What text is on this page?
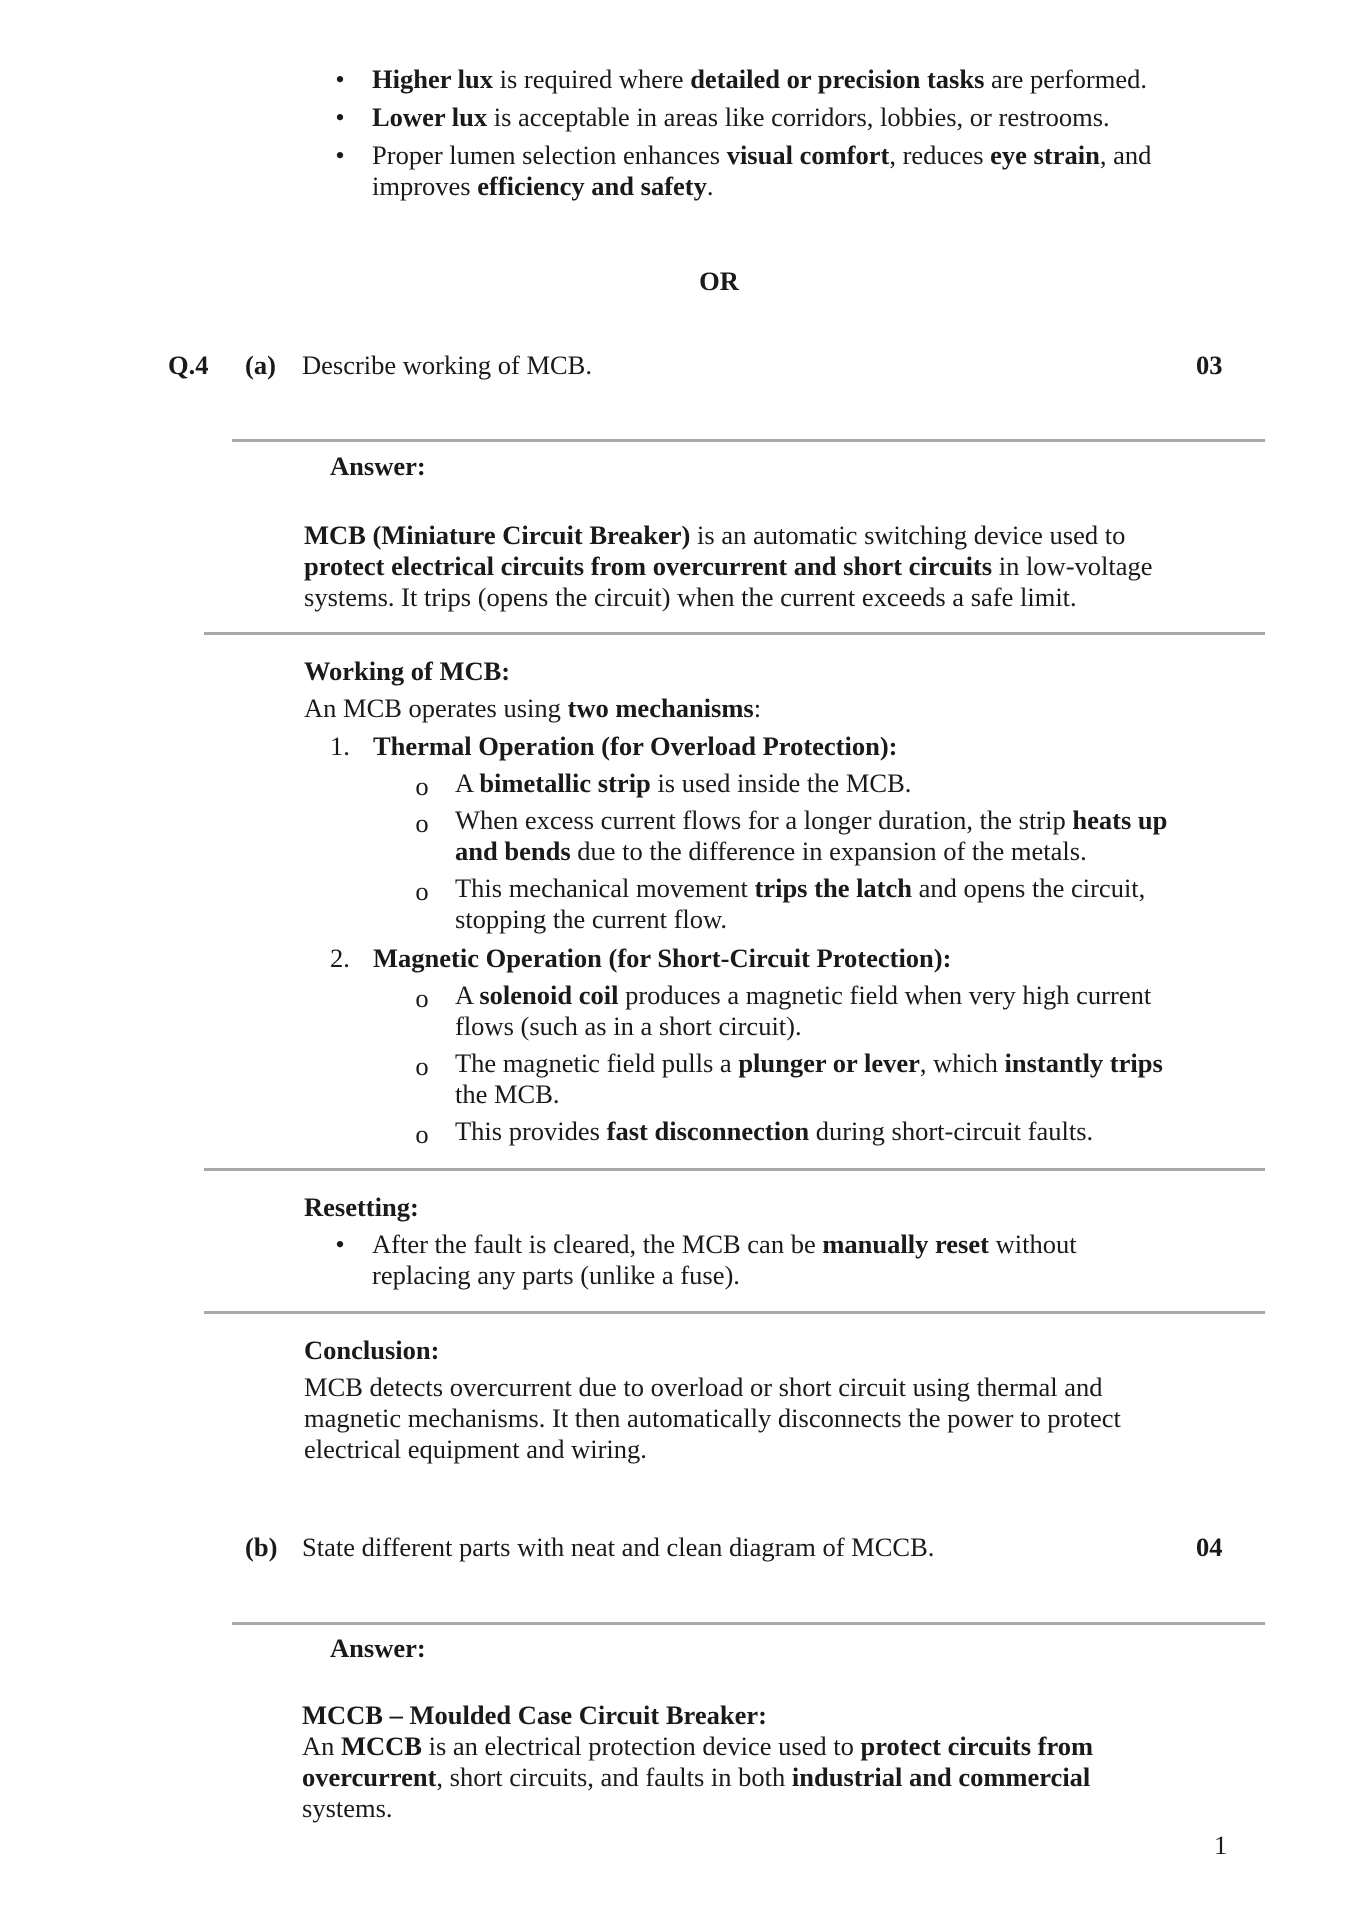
• Higher lux is required where detailed or precision tasks are performed.
• Lower lux is acceptable in areas like corridors, lobbies, or restrooms.
• Proper lumen selection enhances visual comfort, reduces eye strain, and
improves efficiency and safety.
OR
Q.4 (a) Describe working of MCB.	03
Answer:
MCB (Miniature Circuit Breaker) is an automatic switching device used to
protect electrical circuits from overcurrent and short circuits in low-voltage
systems. It trips (opens the circuit) when the current exceeds a safe limit.
Working of MCB:
An MCB operates using two mechanisms:
1. Thermal Operation (for Overload Protection):
o A bimetallic strip is used inside the MCB.
o When excess current flows for a longer duration, the strip heats up
and bends due to the difference in expansion of the metals.
o This mechanical movement trips the latch and opens the circuit,
stopping the current flow.
2. Magnetic Operation (for Short-Circuit Protection):
o A solenoid coil produces a magnetic field when very high current
flows (such as in a short circuit).
o The magnetic field pulls a plunger or lever, which instantly trips
the MCB.
o This provides fast disconnection during short-circuit faults.
Resetting:
• After the fault is cleared, the MCB can be manually reset without
replacing any parts (unlike a fuse).
Conclusion:
MCB detects overcurrent due to overload or short circuit using thermal and
magnetic mechanisms. It then automatically disconnects the power to protect
electrical equipment and wiring.
(b) State different parts with neat and clean diagram of MCCB.	04
Answer:
MCCB – Moulded Case Circuit Breaker:
An MCCB is an electrical protection device used to protect circuits from
overcurrent, short circuits, and faults in both industrial and commercial
systems.
1
